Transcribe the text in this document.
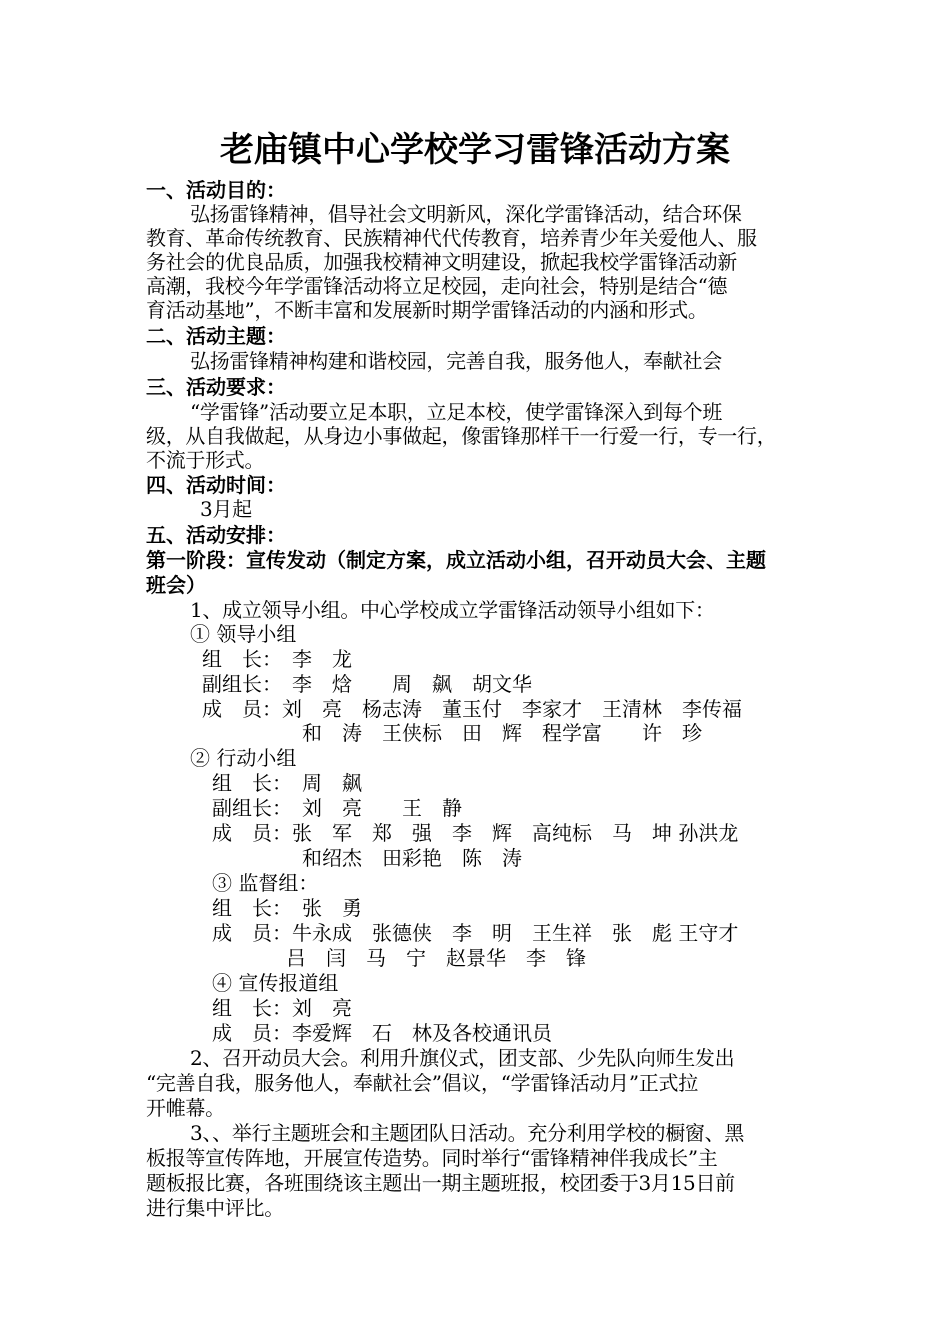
老庙镇中心学校学习雷锋活动方案
一、活动目的：
弘扬雷锋精神，倡导社会文明新风，深化学雷锋活动，结合环保
教育、革命传统教育、民族精神代代传教育，培养青少年关爱他人、服
务社会的优良品质，加强我校精神文明建设，掀起我校学雷锋活动新
高潮，我校今年学雷锋活动将立足校园，走向社会，特别是结合“德
育活动基地”，不断丰富和发展新时期学雷锋活动的内涵和形式。
二、活动主题：
弘扬雷锋精神构建和谐校园，完善自我，服务他人，奉献社会
三、活动要求：
“学雷锋”活动要立足本职，立足本校，使学雷锋深入到每个班
级，从自我做起，从身边小事做起，像雷锋那样干一行爱一行，专一行，
不流于形式。
四、活动时间：
3月起
五、活动安排：
第一阶段：宣传发动（制定方案，成立活动小组，召开动员大会、主题
班会）
1、成立领导小组。中心学校成立学雷锋活动领导小组如下：
① 领导小组
组　长：　李　龙
副组长：　李　焓　　周　飙　胡文华
成　员：刘　亮　杨志涛　董玉付　李家才　王清林　李传福
和　涛　王侠标　田　辉　程学富　　许　珍
② 行动小组
组　长：　周　飙
副组长：　刘　亮　　王　静
成　员：张　军　郑　强　李　辉　高纯标　马　坤 孙洪龙
和绍杰　田彩艳　陈　涛
③ 监督组：
组　长：　张　勇
成　员：牛永成　张德侠　李　明　王生祥　张　彪 王守才
吕　闫　马　宁　赵景华　李　锋
④ 宣传报道组
组　长：刘　亮
成　员：李爱辉　石　林及各校通讯员
2、召开动员大会。利用升旗仪式，团支部、少先队向师生发出
“完善自我，服务他人，奉献社会”倡议，“学雷锋活动月”正式拉
开帷幕。
3、、举行主题班会和主题团队日活动。充分利用学校的橱窗、黑
板报等宣传阵地，开展宣传造势。同时举行“雷锋精神伴我成长”主
题板报比赛，各班围绕该主题出一期主题班报，校团委于3月15日前
进行集中评比。
